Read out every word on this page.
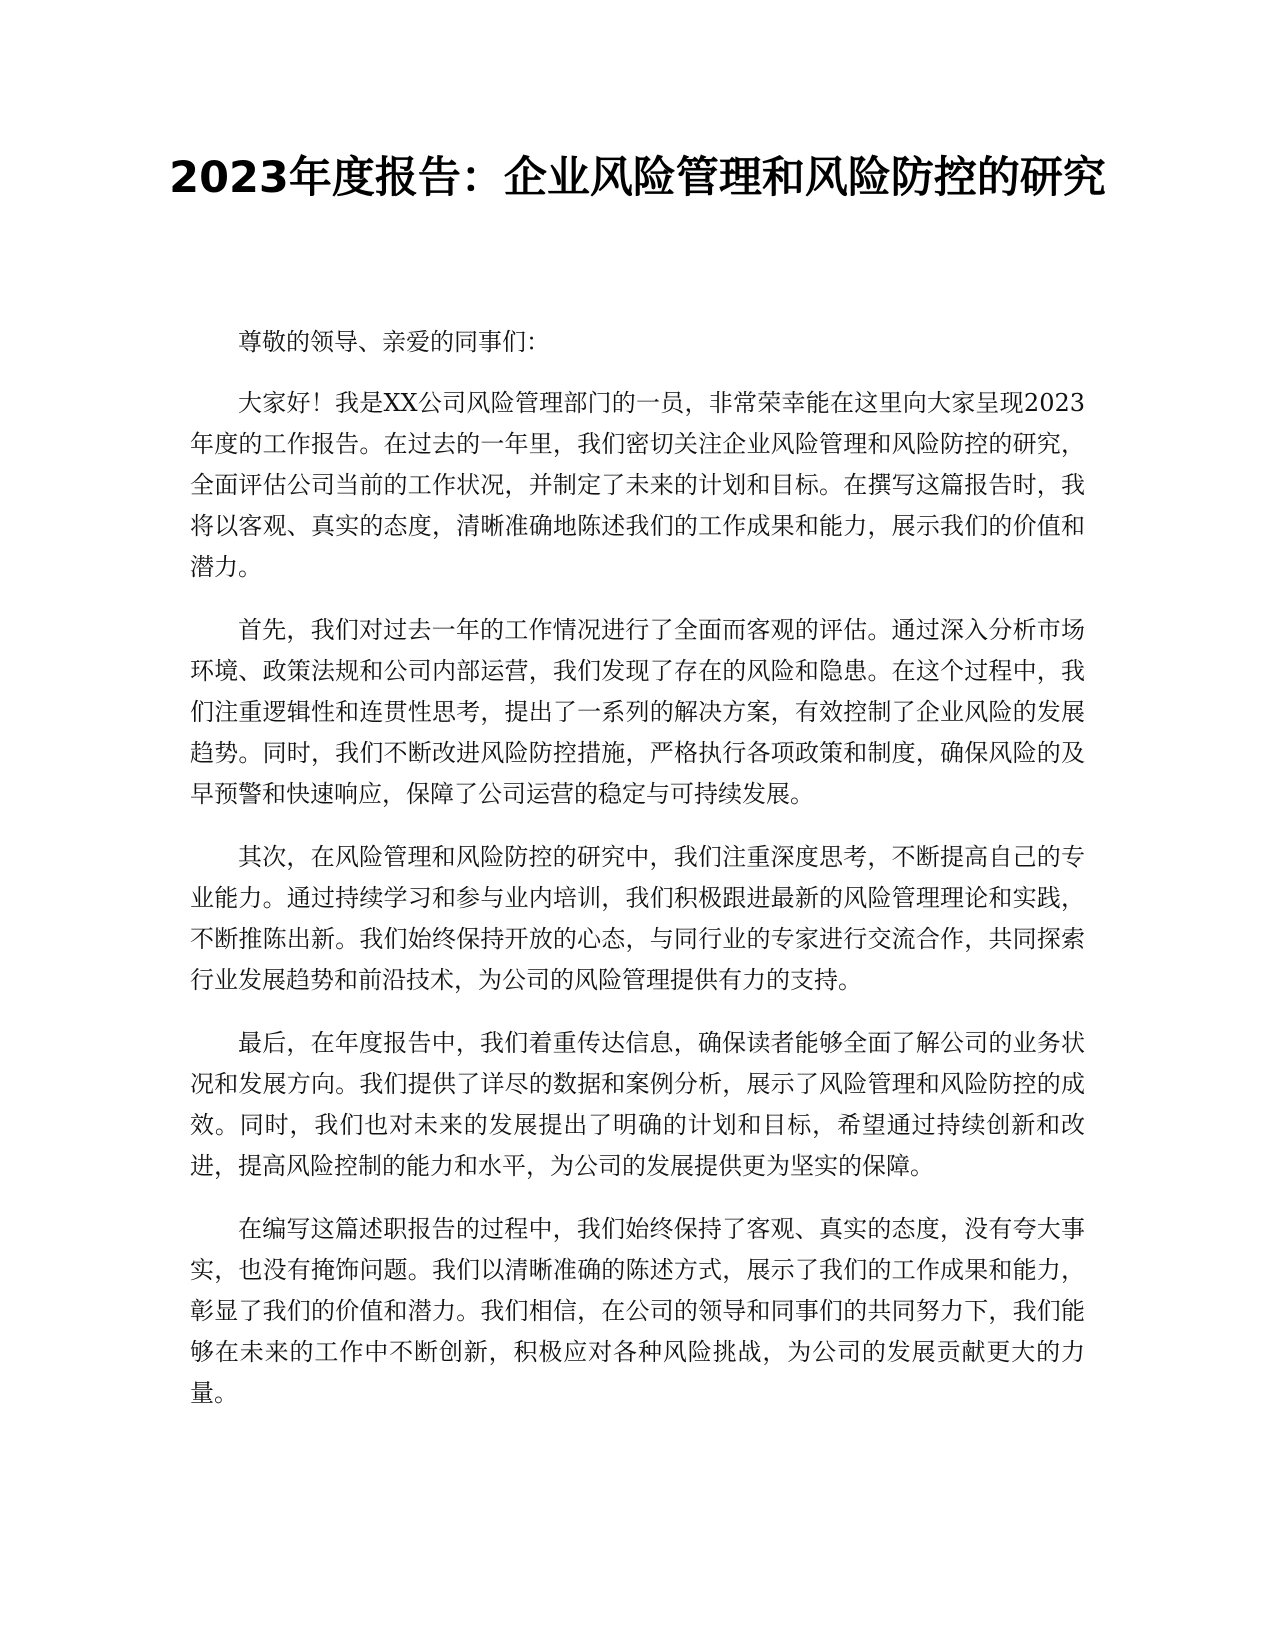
2023年度报告：企业风险管理和风险防控的研究

尊敬的领导、亲爱的同事们：

大家好！我是XX公司风险管理部门的一员，非常荣幸能在这里向大家呈现2023年度的工作报告。在过去的一年里，我们密切关注企业风险管理和风险防控的研究，全面评估公司当前的工作状况，并制定了未来的计划和目标。在撰写这篇报告时，我将以客观、真实的态度，清晰准确地陈述我们的工作成果和能力，展示我们的价值和潜力。

首先，我们对过去一年的工作情况进行了全面而客观的评估。通过深入分析市场环境、政策法规和公司内部运营，我们发现了存在的风险和隐患。在这个过程中，我们注重逻辑性和连贯性思考，提出了一系列的解决方案，有效控制了企业风险的发展趋势。同时，我们不断改进风险防控措施，严格执行各项政策和制度，确保风险的及早预警和快速响应，保障了公司运营的稳定与可持续发展。

其次，在风险管理和风险防控的研究中，我们注重深度思考，不断提高自己的专业能力。通过持续学习和参与业内培训，我们积极跟进最新的风险管理理论和实践，不断推陈出新。我们始终保持开放的心态，与同行业的专家进行交流合作，共同探索行业发展趋势和前沿技术，为公司的风险管理提供有力的支持。

最后，在年度报告中，我们着重传达信息，确保读者能够全面了解公司的业务状况和发展方向。我们提供了详尽的数据和案例分析，展示了风险管理和风险防控的成效。同时，我们也对未来的发展提出了明确的计划和目标，希望通过持续创新和改进，提高风险控制的能力和水平，为公司的发展提供更为坚实的保障。

在编写这篇述职报告的过程中，我们始终保持了客观、真实的态度，没有夸大事实，也没有掩饰问题。我们以清晰准确的陈述方式，展示了我们的工作成果和能力，彰显了我们的价值和潜力。我们相信，在公司的领导和同事们的共同努力下，我们能够在未来的工作中不断创新，积极应对各种风险挑战，为公司的发展贡献更大的力量。
